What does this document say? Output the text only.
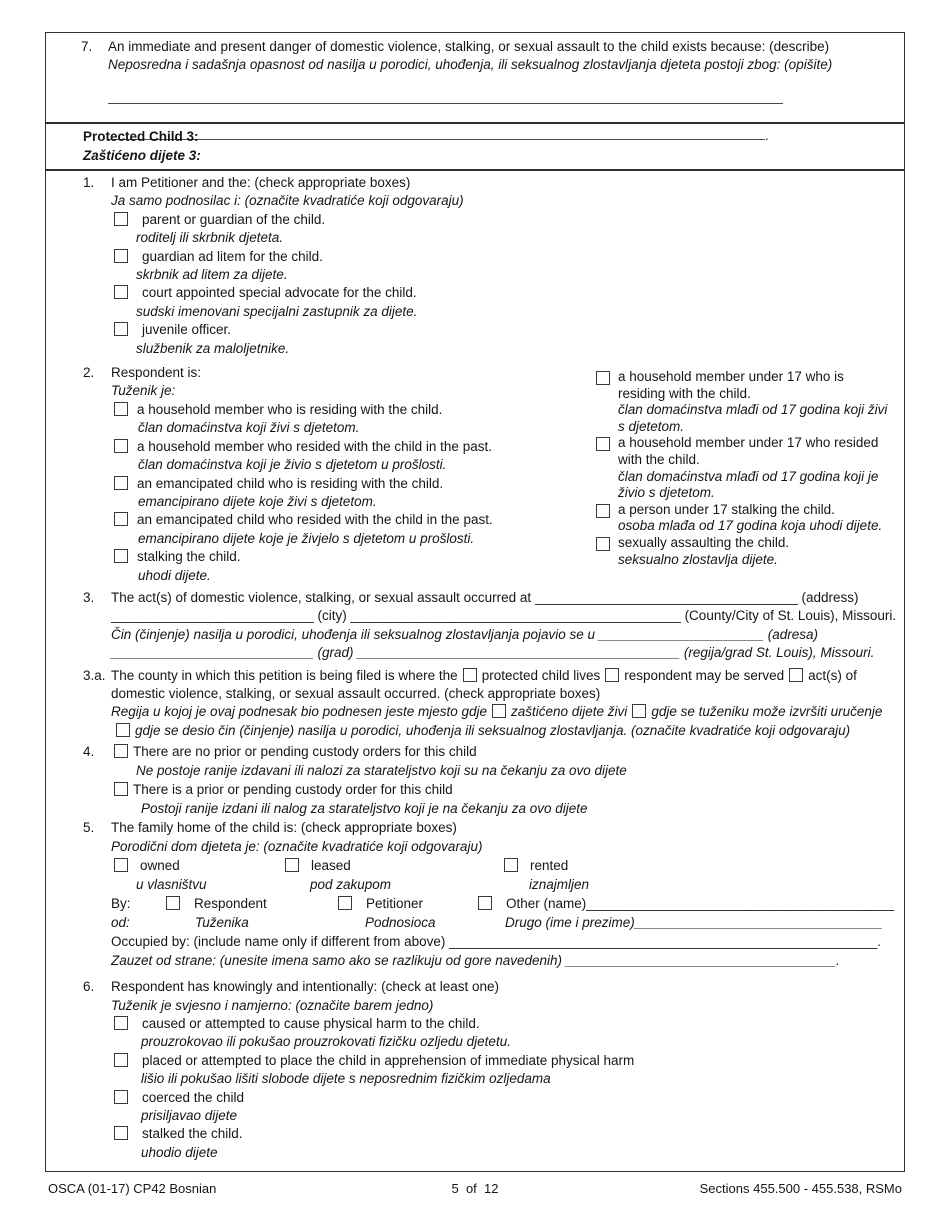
7.	An immediate and present danger of domestic violence, stalking, or sexual assault to the child exists because: (describe)
Neposredna i sadašnja opasnost od nasilja u porodici, uhođenja, ili seksualnog zlostavljanja djeteta postoji zbog: (opišite)
.
Protected Child 3:
Zaštićeno dijete 3:
1.	I am Petitioner and the: (check appropriate boxes)
Ja samo podnosilac i: (označite kvadratiće koji odgovaraju)
parent or guardian of the child.
roditelj ili skrbnik djeteta.
guardian ad litem for the child.
skrbnik ad litem za dijete.
court appointed special advocate for the child.
sudski imenovani specijalni zastupnik za dijete.
juvenile officer.
službenik za maloljetnike.
2.	Respondent is:
Tuženik je:
a household member who is residing with the child.
član domaćinstva koji živi s djetetom.
a household member who resided with the child in the past.
član domaćinstva koji je živio s djetetom u prošlosti.
an emancipated child who is residing with the child.
emancipirano dijete koje živi s djetetom.
an emancipated child who resided with the child in the past.
emancipirano dijete koje je živjelo s djetetom u prošlosti.
stalking the child.
uhodi dijete.
a household member under 17 who is residing with the child.
član domaćinstva mlađi od 17 godina koji živi s djetetom.
a household member under 17 who resided with the child.
član domaćinstva mlađi od 17 godina koji je živio s djetetom.
a person under 17 stalking the child.
osoba mlađa od 17 godina koja uhodi dijete.
sexually assaulting the child.
seksualno zlostavlja dijete.
3.	The act(s) of domestic violence, stalking, or sexual assault occurred at ___________________________________ (address)
___________________________ (city) ____________________________________________ (County/City of St. Louis), Missouri.
Čin (činjenje) nasilja u porodici, uhođenja ili seksualnog zlostavljanja pojavio se u ______________________ (adresa)
___________________________ (grad) ___________________________________________ (regija/grad St. Louis), Missouri.
3.a. The county in which this petition is being filed is where the protected child lives respondent may be served act(s) of domestic violence, stalking, or sexual assault occurred. (check appropriate boxes)
Regija u kojoj je ovaj podnesak bio podnesen jeste mjesto gdje zaštićeno dijete živi gdje se tuženiku može izvršiti uručenjegdje se desio čin (činjenje) nasilja u porodici, uhođenja ili seksualnog zlostavljanja. (označite kvadratiće koji odgovaraju)
4.	There are no prior or pending custody orders for this child
Ne postoje ranije izdavani ili nalozi za starateljstvo koji su na čekanju za ovo dijete
There is a prior or pending custody order for this child
Postoji ranije izdani ili nalog za starateljstvo koji je na čekanju za ovo dijete
5.	The family home of the child is: (check appropriate boxes)
Porodični dom djeteta je: (označite kvadratiće koji odgovaraju)
owned	leased	rented
u vlasništvu	pod zakupom	iznajmljen
By:	Respondent	Petitioner	Other (name)_________________________________________
od:	Tuženika	Podnosioca	Drugo (ime i prezime)_________________________________
Occupied by: (include name only if different from above) _________________________________________________________.
Zauzet od strane: (unesite imena samo ako se razlikuju od gore navedenih) ____________________________________.
6.	Respondent has knowingly and intentionally: (check at least one)
Tuženik je svjesno i namjerno: (označite barem jedno)
caused or attempted to cause physical harm to the child.
prouzrokovao ili pokušao prouzrokovati fizičku ozljedu djetetu.
placed or attempted to place the child in apprehension of immediate physical harm
lišio ili pokušao lišiti slobode dijete s neposrednim fizičkim ozljedama
coerced the child
prisiljavao dijete
stalked the child.
uhodio dijete
OSCA (01-17) CP42 Bosnian	5  of  12	Sections 455.500 - 455.538, RSMo
